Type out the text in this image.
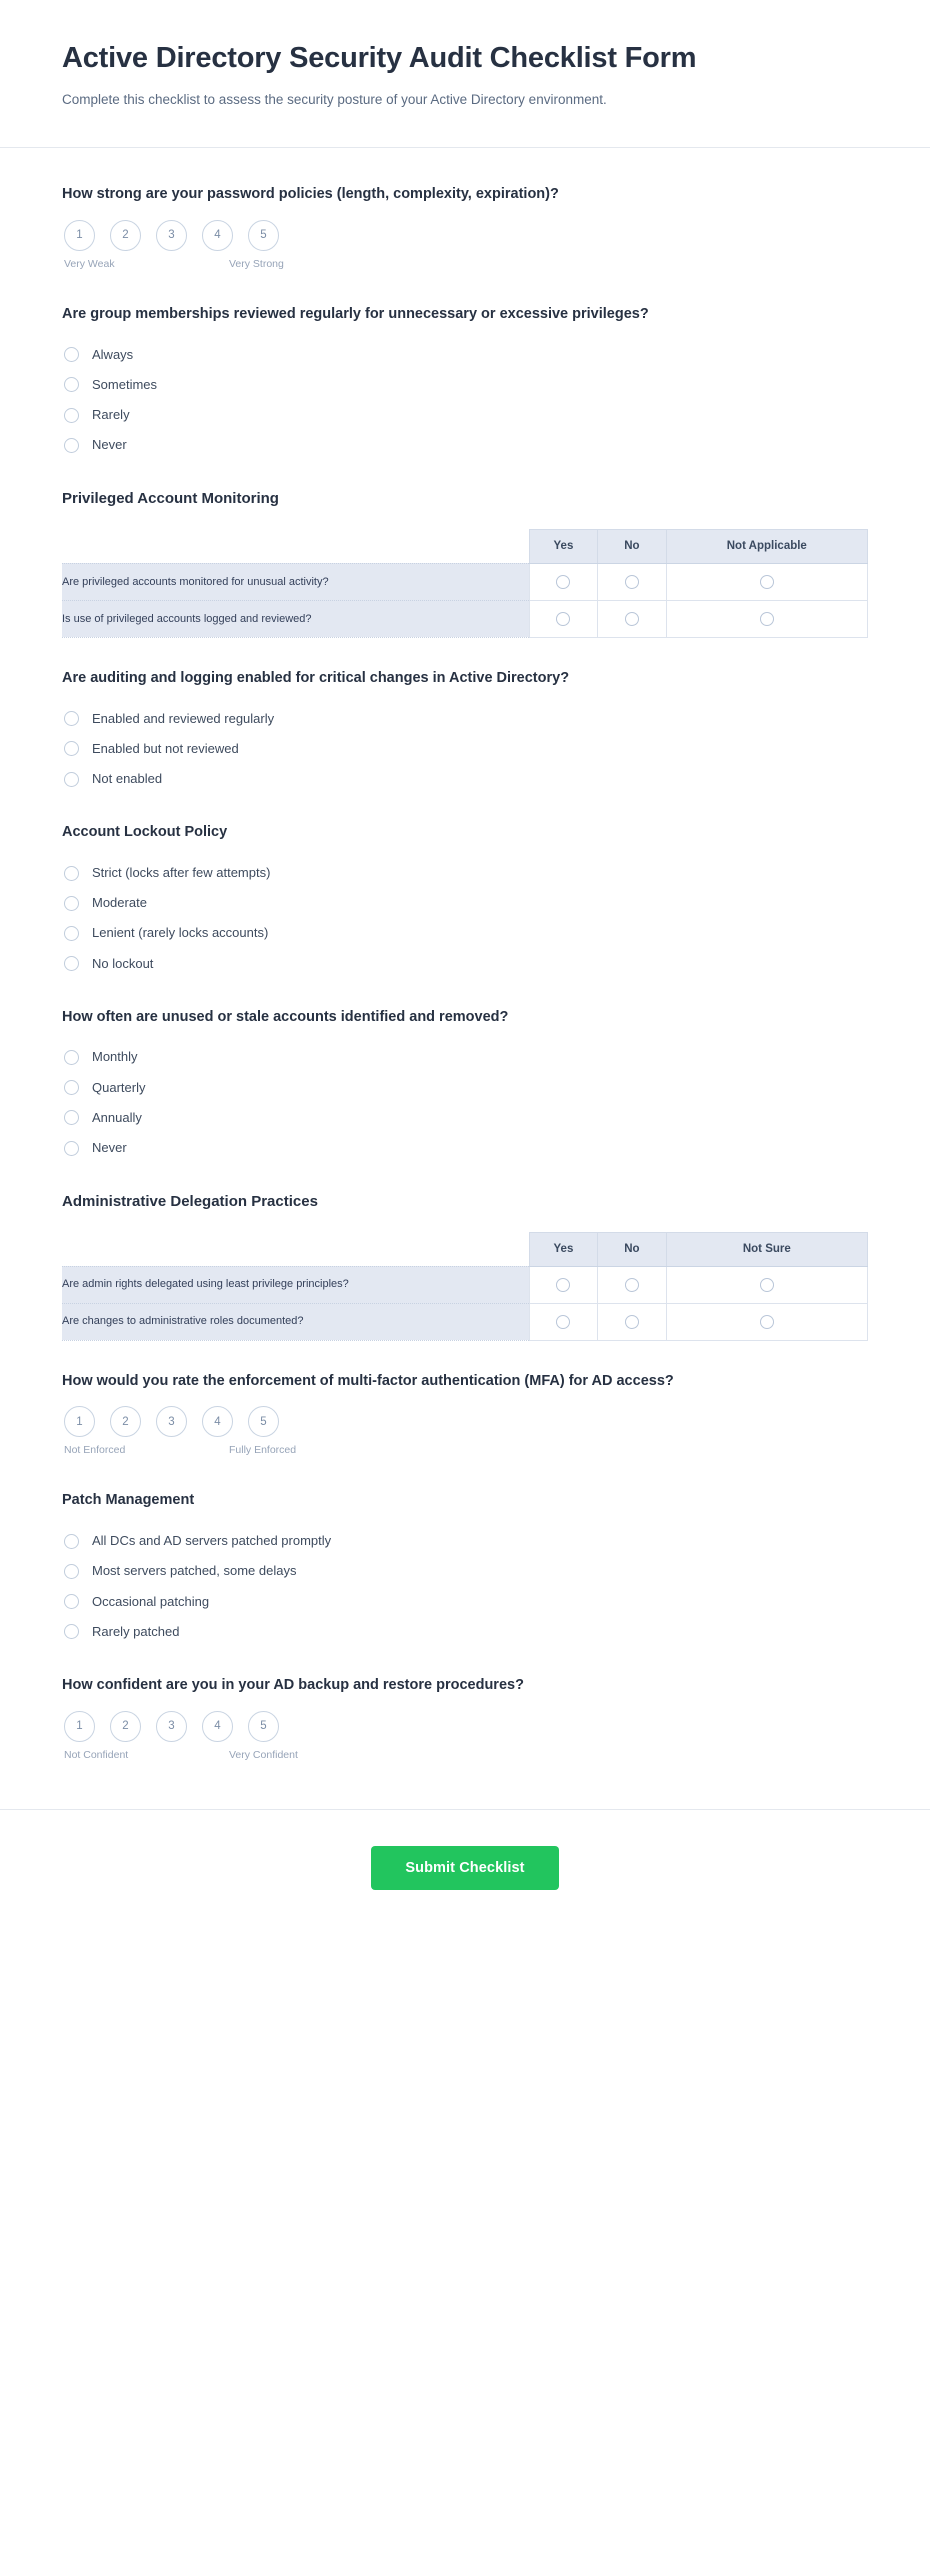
Active Directory Security Audit Checklist Form

Complete this checklist to assess the security posture of your Active Directory environment.

How strong are your password policies (length, complexity, expiration)?
1	2	3	4	5
Very Weak	Very Strong
Are group memberships reviewed regularly for unnecessary or excessive privileges?
Always
Sometimes
Rarely
Never
Privileged Account Monitoring
	Yes	No	Not Applicable
Are privileged accounts monitored for unusual activity?			
Is use of privileged accounts logged and reviewed?			
Are auditing and logging enabled for critical changes in Active Directory?
Enabled and reviewed regularly
Enabled but not reviewed
Not enabled
Account Lockout Policy
Strict (locks after few attempts)
Moderate
Lenient (rarely locks accounts)
No lockout
How often are unused or stale accounts identified and removed?
Monthly
Quarterly
Annually
Never
Administrative Delegation Practices
	Yes	No	Not Sure
Are admin rights delegated using least privilege principles?			
Are changes to administrative roles documented?			
How would you rate the enforcement of multi-factor authentication (MFA) for AD access?
1	2	3	4	5
Not Enforced	Fully Enforced
Patch Management
All DCs and AD servers patched promptly
Most servers patched, some delays
Occasional patching
Rarely patched
How confident are you in your AD backup and restore procedures?
1	2	3	4	5
Not Confident	Very Confident
Submit Checklist
